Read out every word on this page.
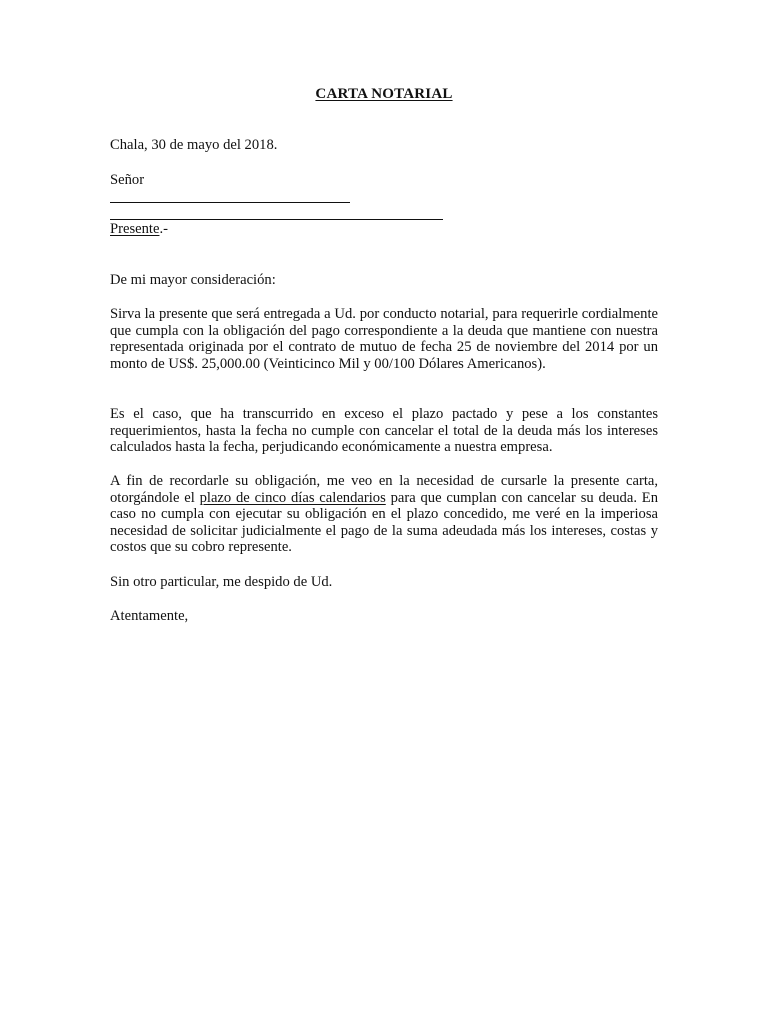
CARTA NOTARIAL
Chala, 30 de mayo del 2018.
Señor
Presente.-
De mi mayor consideración:
Sirva la presente que será entregada a Ud. por conducto notarial, para requerirle cordialmente que cumpla con la obligación del pago correspondiente a la deuda que mantiene con nuestra representada originada por el contrato de mutuo de fecha 25 de noviembre del 2014 por un monto de US$. 25,000.00 (Veinticinco Mil y 00/100 Dólares Americanos).
Es el caso, que ha transcurrido en exceso el plazo pactado y pese a los constantes requerimientos, hasta la fecha no cumple con cancelar el total de la deuda más los intereses calculados hasta la fecha, perjudicando económicamente a nuestra empresa.
A fin de recordarle su obligación, me veo en la necesidad de cursarle la presente carta, otorgándole el plazo de cinco días calendarios para que cumplan con cancelar su deuda. En caso no cumpla con ejecutar su obligación en el plazo concedido, me veré en la imperiosa necesidad de solicitar judicialmente el pago de la suma adeudada más los intereses, costas y costos que su cobro represente.
Sin otro particular, me despido de Ud.
Atentamente,
